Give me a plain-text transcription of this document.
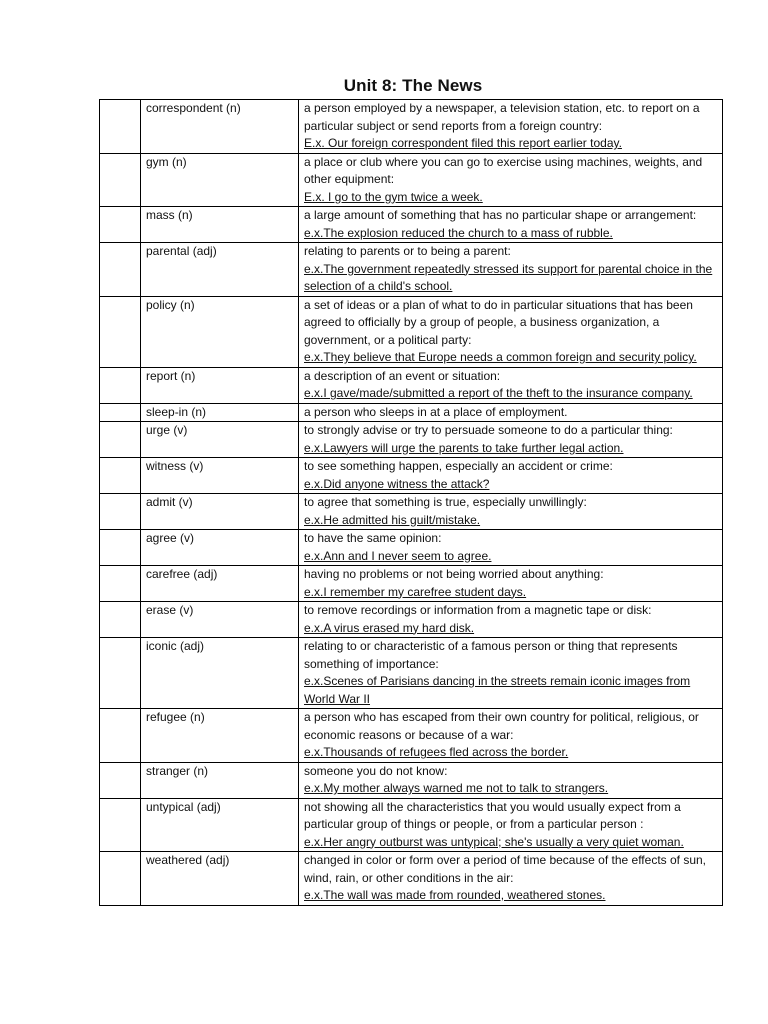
Unit 8: The News
	correspondent (n)	a person employed by a newspaper, a television station, etc. to report on a particular subject or send reports from a foreign country:
E.x. Our foreign correspondent filed this report earlier today.

	gym (n)	a place or club where you can go to exercise using machines, weights, and other equipment:
E.x. I go to the gym twice a week.

	mass (n)	a large amount of something that has no particular shape or arrangement:
e.x.The explosion reduced the church to a mass of rubble.

	parental (adj)	relating to parents or to being a parent:
e.x.The government repeatedly stressed its support for parental choice in the selection of a child's school.

	policy (n)	a set of ideas or a plan of what to do in particular situations that has been agreed to officially by a group of people, a business organization, a government, or a political party:
e.x.They believe that Europe needs a common foreign and security policy.

	report (n)	a description of an event or situation:
e.x.I gave/made/submitted a report of the theft to the insurance company.

	sleep-in (n)	a person who sleeps in at a place of employment.

	urge (v)	to strongly advise or try to persuade someone to do a particular thing:
e.x.Lawyers will urge the parents to take further legal action.

	witness (v)	to see something happen, especially an accident or crime:
e.x.Did anyone witness the attack?

	admit (v)	to agree that something is true, especially unwillingly:
e.x.He admitted his guilt/mistake.

	agree (v)	to have the same opinion:
e.x.Ann and I never seem to agree.

	carefree (adj)	having no problems or not being worried about anything:
e.x.I remember my carefree student days.

	erase (v)	to remove recordings or information from a magnetic tape or disk:
e.x.A virus erased my hard disk.

	iconic (adj)	relating to or characteristic of a famous person or thing that represents something of importance:
e.x.Scenes of Parisians dancing in the streets remain iconic images from World War II

	refugee (n)	a person who has escaped from their own country for political, religious, or economic reasons or because of a war:
e.x.Thousands of refugees fled across the border.

	stranger (n)	someone you do not know:
e.x.My mother always warned me not to talk to strangers.

	untypical (adj)	not showing all the characteristics that you would usually expect from a particular group of things or people, or from a particular person :
e.x.Her angry outburst was untypical; she's usually a very quiet woman.

	weathered (adj)	changed in color or form over a period of time because of the effects of sun, wind, rain, or other conditions in the air:
e.x.The wall was made from rounded, weathered stones.
